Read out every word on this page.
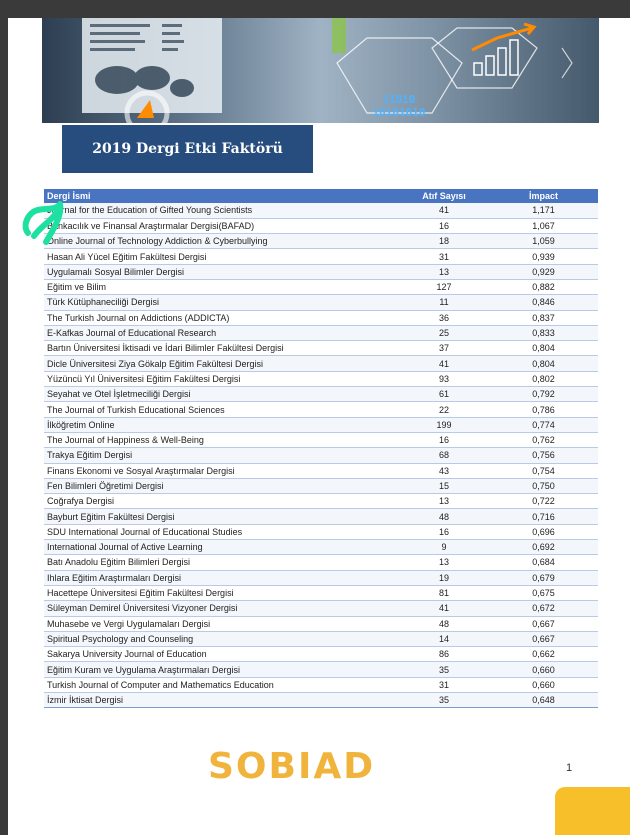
11010
10101010
2019 Dergi Etki Faktörü
Dergi İsmi	Atıf Sayısı	İmpact
Journal for the Education of Gifted Young Scientists	41	1,171
Bankacılık ve Finansal Araştırmalar Dergisi(BAFAD)	16	1,067
Online Journal of Technology Addiction & Cyberbullying	18	1,059
Hasan Ali Yücel Eğitim Fakültesi Dergisi	31	0,939
Uygulamalı Sosyal Bilimler Dergisi	13	0,929
Eğitim ve Bilim	127	0,882
Türk Kütüphaneciliği Dergisi	11	0,846
The Turkish Journal on Addictions (ADDICTA)	36	0,837
E-Kafkas Journal of Educational Research	25	0,833
Bartın Üniversitesi İktisadi ve İdari Bilimler Fakültesi Dergisi	37	0,804
Dicle Üniversitesi Ziya Gökalp Eğitim Fakültesi Dergisi	41	0,804
Yüzüncü Yıl Üniversitesi Eğitim Fakültesi Dergisi	93	0,802
Seyahat ve Otel İşletmeciliği Dergisi	61	0,792
The Journal of Turkish Educational Sciences	22	0,786
İlköğretim Online	199	0,774
The Journal of Happiness & Well-Being	16	0,762
Trakya Eğitim Dergisi	68	0,756
Finans Ekonomi ve Sosyal Araştırmalar Dergisi	43	0,754
Fen Bilimleri Öğretimi Dergisi	15	0,750
Coğrafya Dergisi	13	0,722
Bayburt Eğitim Fakültesi Dergisi	48	0,716
SDU International Journal of Educational Studies	16	0,696
International Journal of Active Learning	9	0,692
Batı Anadolu Eğitim Bilimleri Dergisi	13	0,684
Ihlara Eğitim Araştırmaları Dergisi	19	0,679
Hacettepe Üniversitesi Eğitim Fakültesi Dergisi	81	0,675
Süleyman Demirel Üniversitesi Vizyoner Dergisi	41	0,672
Muhasebe ve Vergi Uygulamaları Dergisi	48	0,667
Spiritual Psychology and Counseling	14	0,667
Sakarya University Journal of Education	86	0,662
Eğitim Kuram ve Uygulama Araştırmaları Dergisi	35	0,660
Turkish Journal of Computer and Mathematics Education	31	0,660
İzmir İktisat Dergisi	35	0,648
SOBIAD	1
